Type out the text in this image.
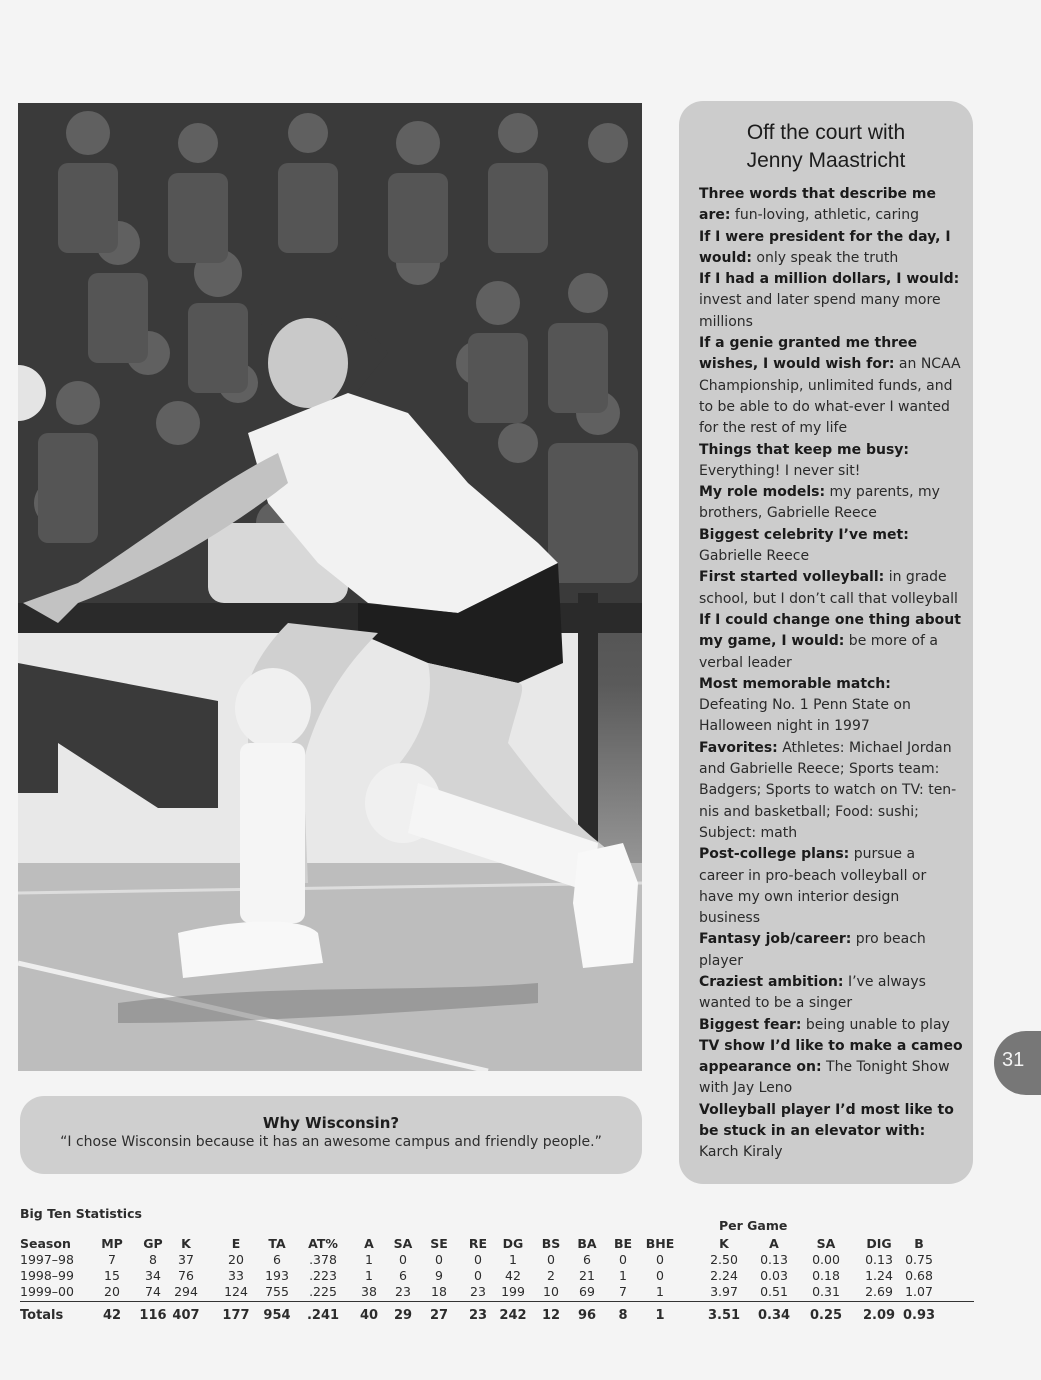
Why Wisconsin?
“I chose Wisconsin because it has an awesome campus and friendly people.”
Off the court with
Jenny Maastricht
Three words that describe me are: fun-loving, athletic, caring
If I were president for the day, I would: only speak the truth
If I had a million dollars, I would: invest and later spend many more millions
If a genie granted me three wishes, I would wish for: an NCAA Championship, unlimited funds, and to be able to do what-ever I wanted for the rest of my life
Things that keep me busy: Everything! I never sit!
My role models: my parents, my brothers, Gabrielle Reece
Biggest celebrity I’ve met: Gabrielle Reece
First started volleyball: in grade school, but I don’t call that volleyball
If I could change one thing about my game, I would: be more of a verbal leader
Most memorable match: Defeating No. 1 Penn State on Halloween night in 1997
Favorites: Athletes: Michael Jordan and Gabrielle Reece; Sports team: Badgers; Sports to watch on TV: ten-nis and basketball; Food: sushi; Subject: math
Post-college plans: pursue a career in pro-beach volleyball or have my own interior design business
Fantasy job/career: pro beach player
Craziest ambition: I’ve always wanted to be a singer
Biggest fear: being unable to play
TV show I’d like to make a cameo appearance on: The Tonight Show with Jay Leno
Volleyball player I’d most like to be stuck in an elevator with: Karch Kiraly
31
Big Ten Statistics
Per Game
Season MP GP K	E TA AT% A SA SE RE DG BS BA BE BHE	K	A	SA DIG B
1997–98	7	8 37	20 6 .378 1 0 0 0 1 0 6 0 0	2.50 0.13 0.00 0.13 0.75
1998–99 15 34 76	33 193 .223 1 6 9 0 42 2 21 1 0	2.24 0.03 0.18 1.24 0.68
1999–00 20 74 294 124 755 .225 38 23 18 23 199 10 69 7 1	3.97 0.51 0.31 2.69 1.07
Totals	42 116 407 177 954 .241 40 29 27 23 242 12 96 8 1	3.51 0.34 0.25 2.09 0.93
